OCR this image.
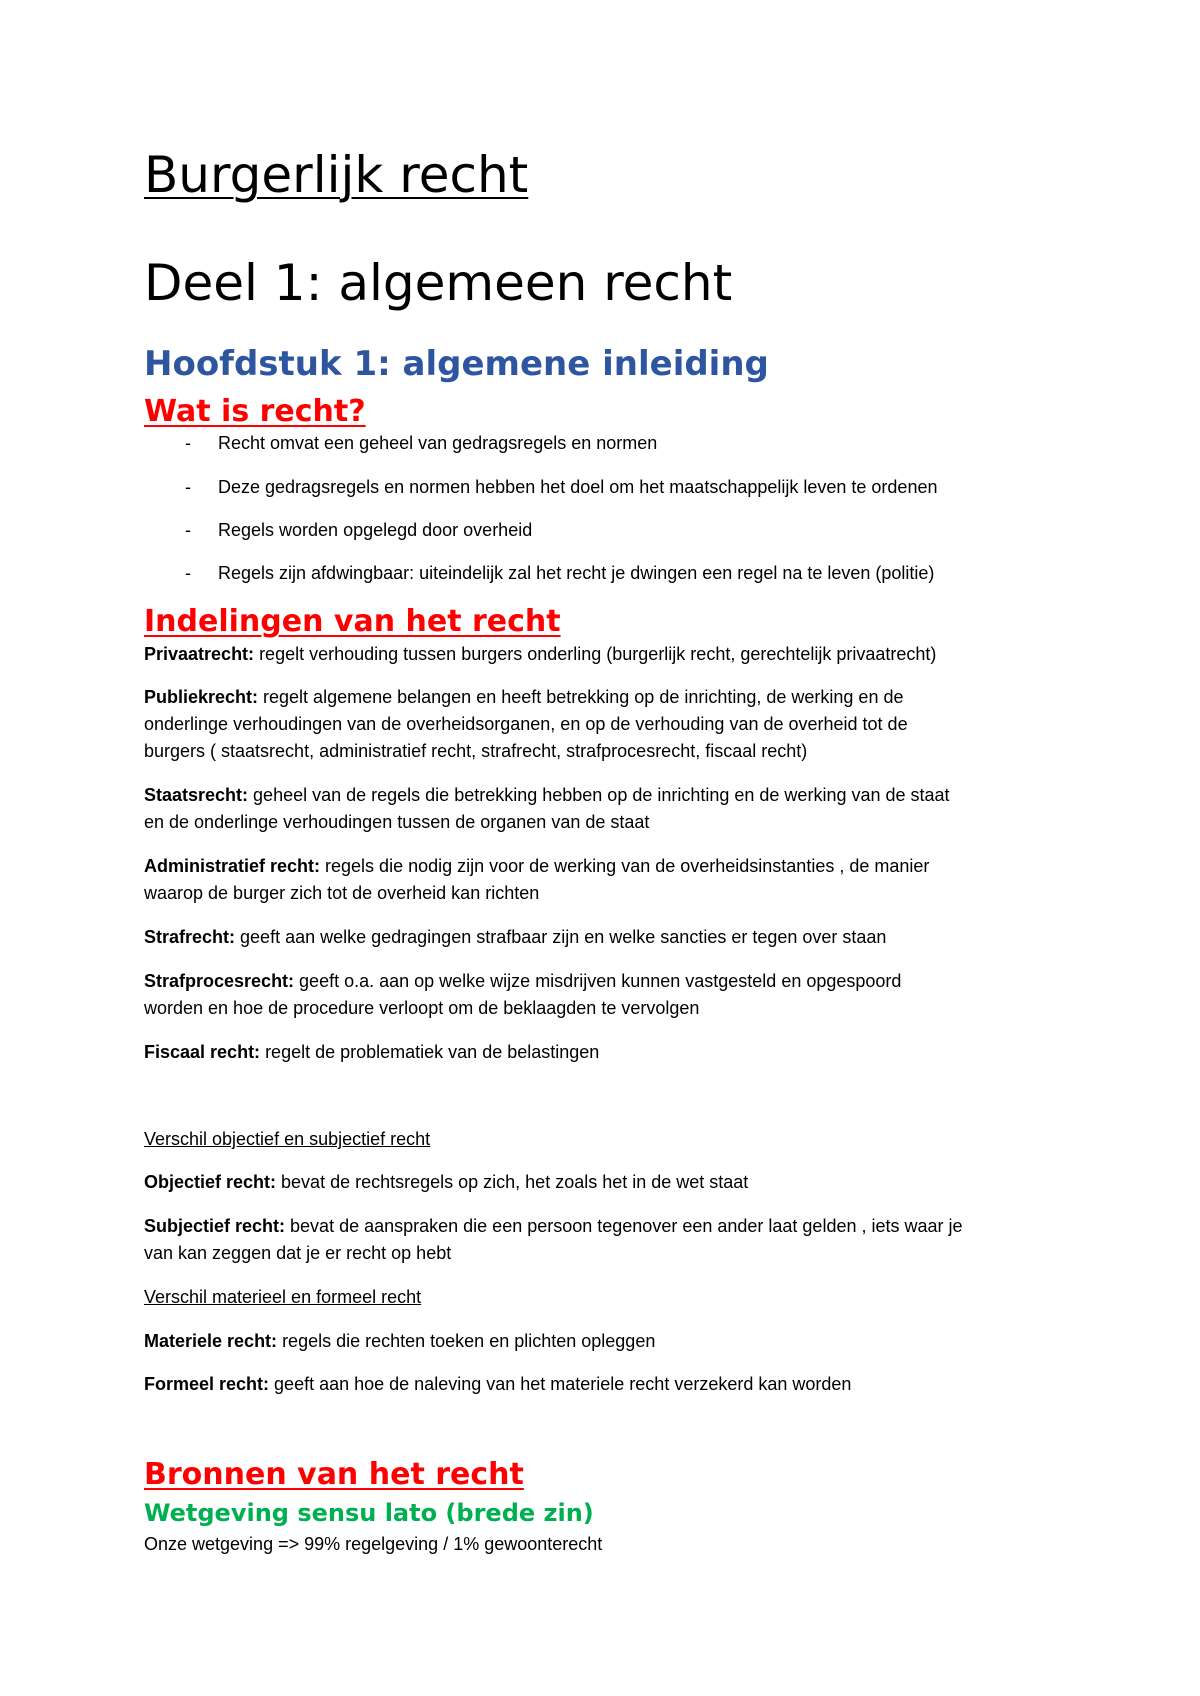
Burgerlijk recht
Deel 1: algemeen recht
Hoofdstuk 1: algemene inleiding
Wat is recht?
- Recht omvat een geheel van gedragsregels en normen
- Deze gedragsregels en normen hebben het doel om het maatschappelijk leven te ordenen
- Regels worden opgelegd door overheid
- Regels zijn afdwingbaar: uiteindelijk zal het recht je dwingen een regel na te leven (politie)
Indelingen van het recht
Privaatrecht: regelt verhouding tussen burgers onderling (burgerlijk recht, gerechtelijk privaatrecht)
Publiekrecht: regelt algemene belangen en heeft betrekking op de inrichting, de werking en de
onderlinge verhoudingen van de overheidsorganen, en op de verhouding van de overheid tot de
burgers ( staatsrecht, administratief recht, strafrecht, strafprocesrecht, fiscaal recht)
Staatsrecht: geheel van de regels die betrekking hebben op de inrichting en de werking van de staat
en de onderlinge verhoudingen tussen de organen van de staat
Administratief recht: regels die nodig zijn voor de werking van de overheidsinstanties , de manier
waarop de burger zich tot de overheid kan richten
Strafrecht: geeft aan welke gedragingen strafbaar zijn en welke sancties er tegen over staan
Strafprocesrecht: geeft o.a. aan op welke wijze misdrijven kunnen vastgesteld en opgespoord
worden en hoe de procedure verloopt om de beklaagden te vervolgen
Fiscaal recht: regelt de problematiek van de belastingen
Verschil objectief en subjectief recht
Objectief recht: bevat de rechtsregels op zich, het zoals het in de wet staat
Subjectief recht: bevat de aanspraken die een persoon tegenover een ander laat gelden , iets waar je
van kan zeggen dat je er recht op hebt
Verschil materieel en formeel recht
Materiele recht: regels die rechten toeken en plichten opleggen
Formeel recht: geeft aan hoe de naleving van het materiele recht verzekerd kan worden
Bronnen van het recht
Wetgeving sensu lato (brede zin)
Onze wetgeving => 99% regelgeving / 1% gewoonterecht
